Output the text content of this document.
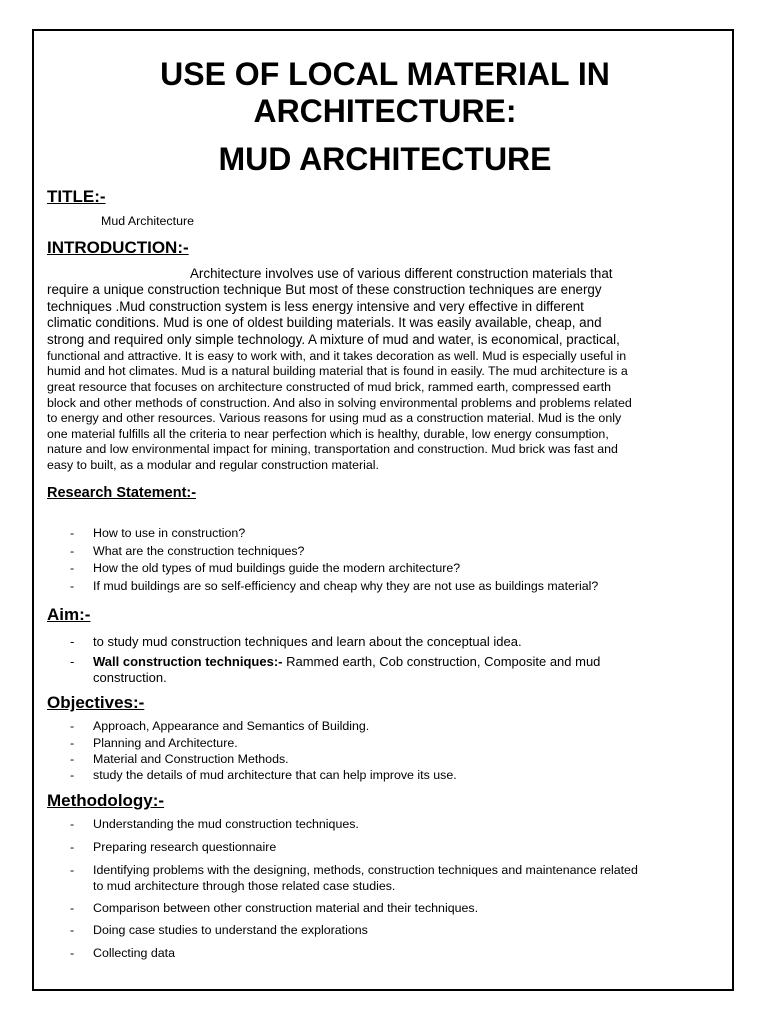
USE OF LOCAL MATERIAL IN
ARCHITECTURE:
MUD ARCHITECTURE
TITLE:-
Mud Architecture
INTRODUCTION:-
Architecture involves use of various different construction materials that
require a unique construction technique But most of these construction techniques are energy
techniques .Mud construction system is less energy intensive and very effective in different
climatic conditions. Mud is one of oldest building materials. It was easily available, cheap, and
strong and required only simple technology. A mixture of mud and water, is economical, practical,
functional and attractive. It is easy to work with, and it takes decoration as well. Mud is especially useful in
humid and hot climates. Mud is a natural building material that is found in easily. The mud architecture is a
great resource that focuses on architecture constructed of mud brick, rammed earth, compressed earth
block and other methods of construction. And also in solving environmental problems and problems related
to energy and other resources. Various reasons for using mud as a construction material. Mud is the only
one material fulfills all the criteria to near perfection which is healthy, durable, low energy consumption,
nature and low environmental impact for mining, transportation and construction. Mud brick was fast and
easy to built, as a modular and regular construction material.
Research Statement:-
- How to use in construction?
- What are the construction techniques?
- How the old types of mud buildings guide the modern architecture?
- If mud buildings are so self-efficiency and cheap why they are not use as buildings material?
Aim:-
- to study mud construction techniques and learn about the conceptual idea.
- Wall construction techniques:- Rammed earth, Cob construction, Composite and mud
construction.
Objectives:-
- Approach, Appearance and Semantics of Building.
- Planning and Architecture.
- Material and Construction Methods.
- study the details of mud architecture that can help improve its use.
Methodology:-
- Understanding the mud construction techniques.
- Preparing research questionnaire
- Identifying problems with the designing, methods, construction techniques and maintenance related
to mud architecture through those related case studies.
- Comparison between other construction material and their techniques.
- Doing case studies to understand the explorations
- Collecting data
